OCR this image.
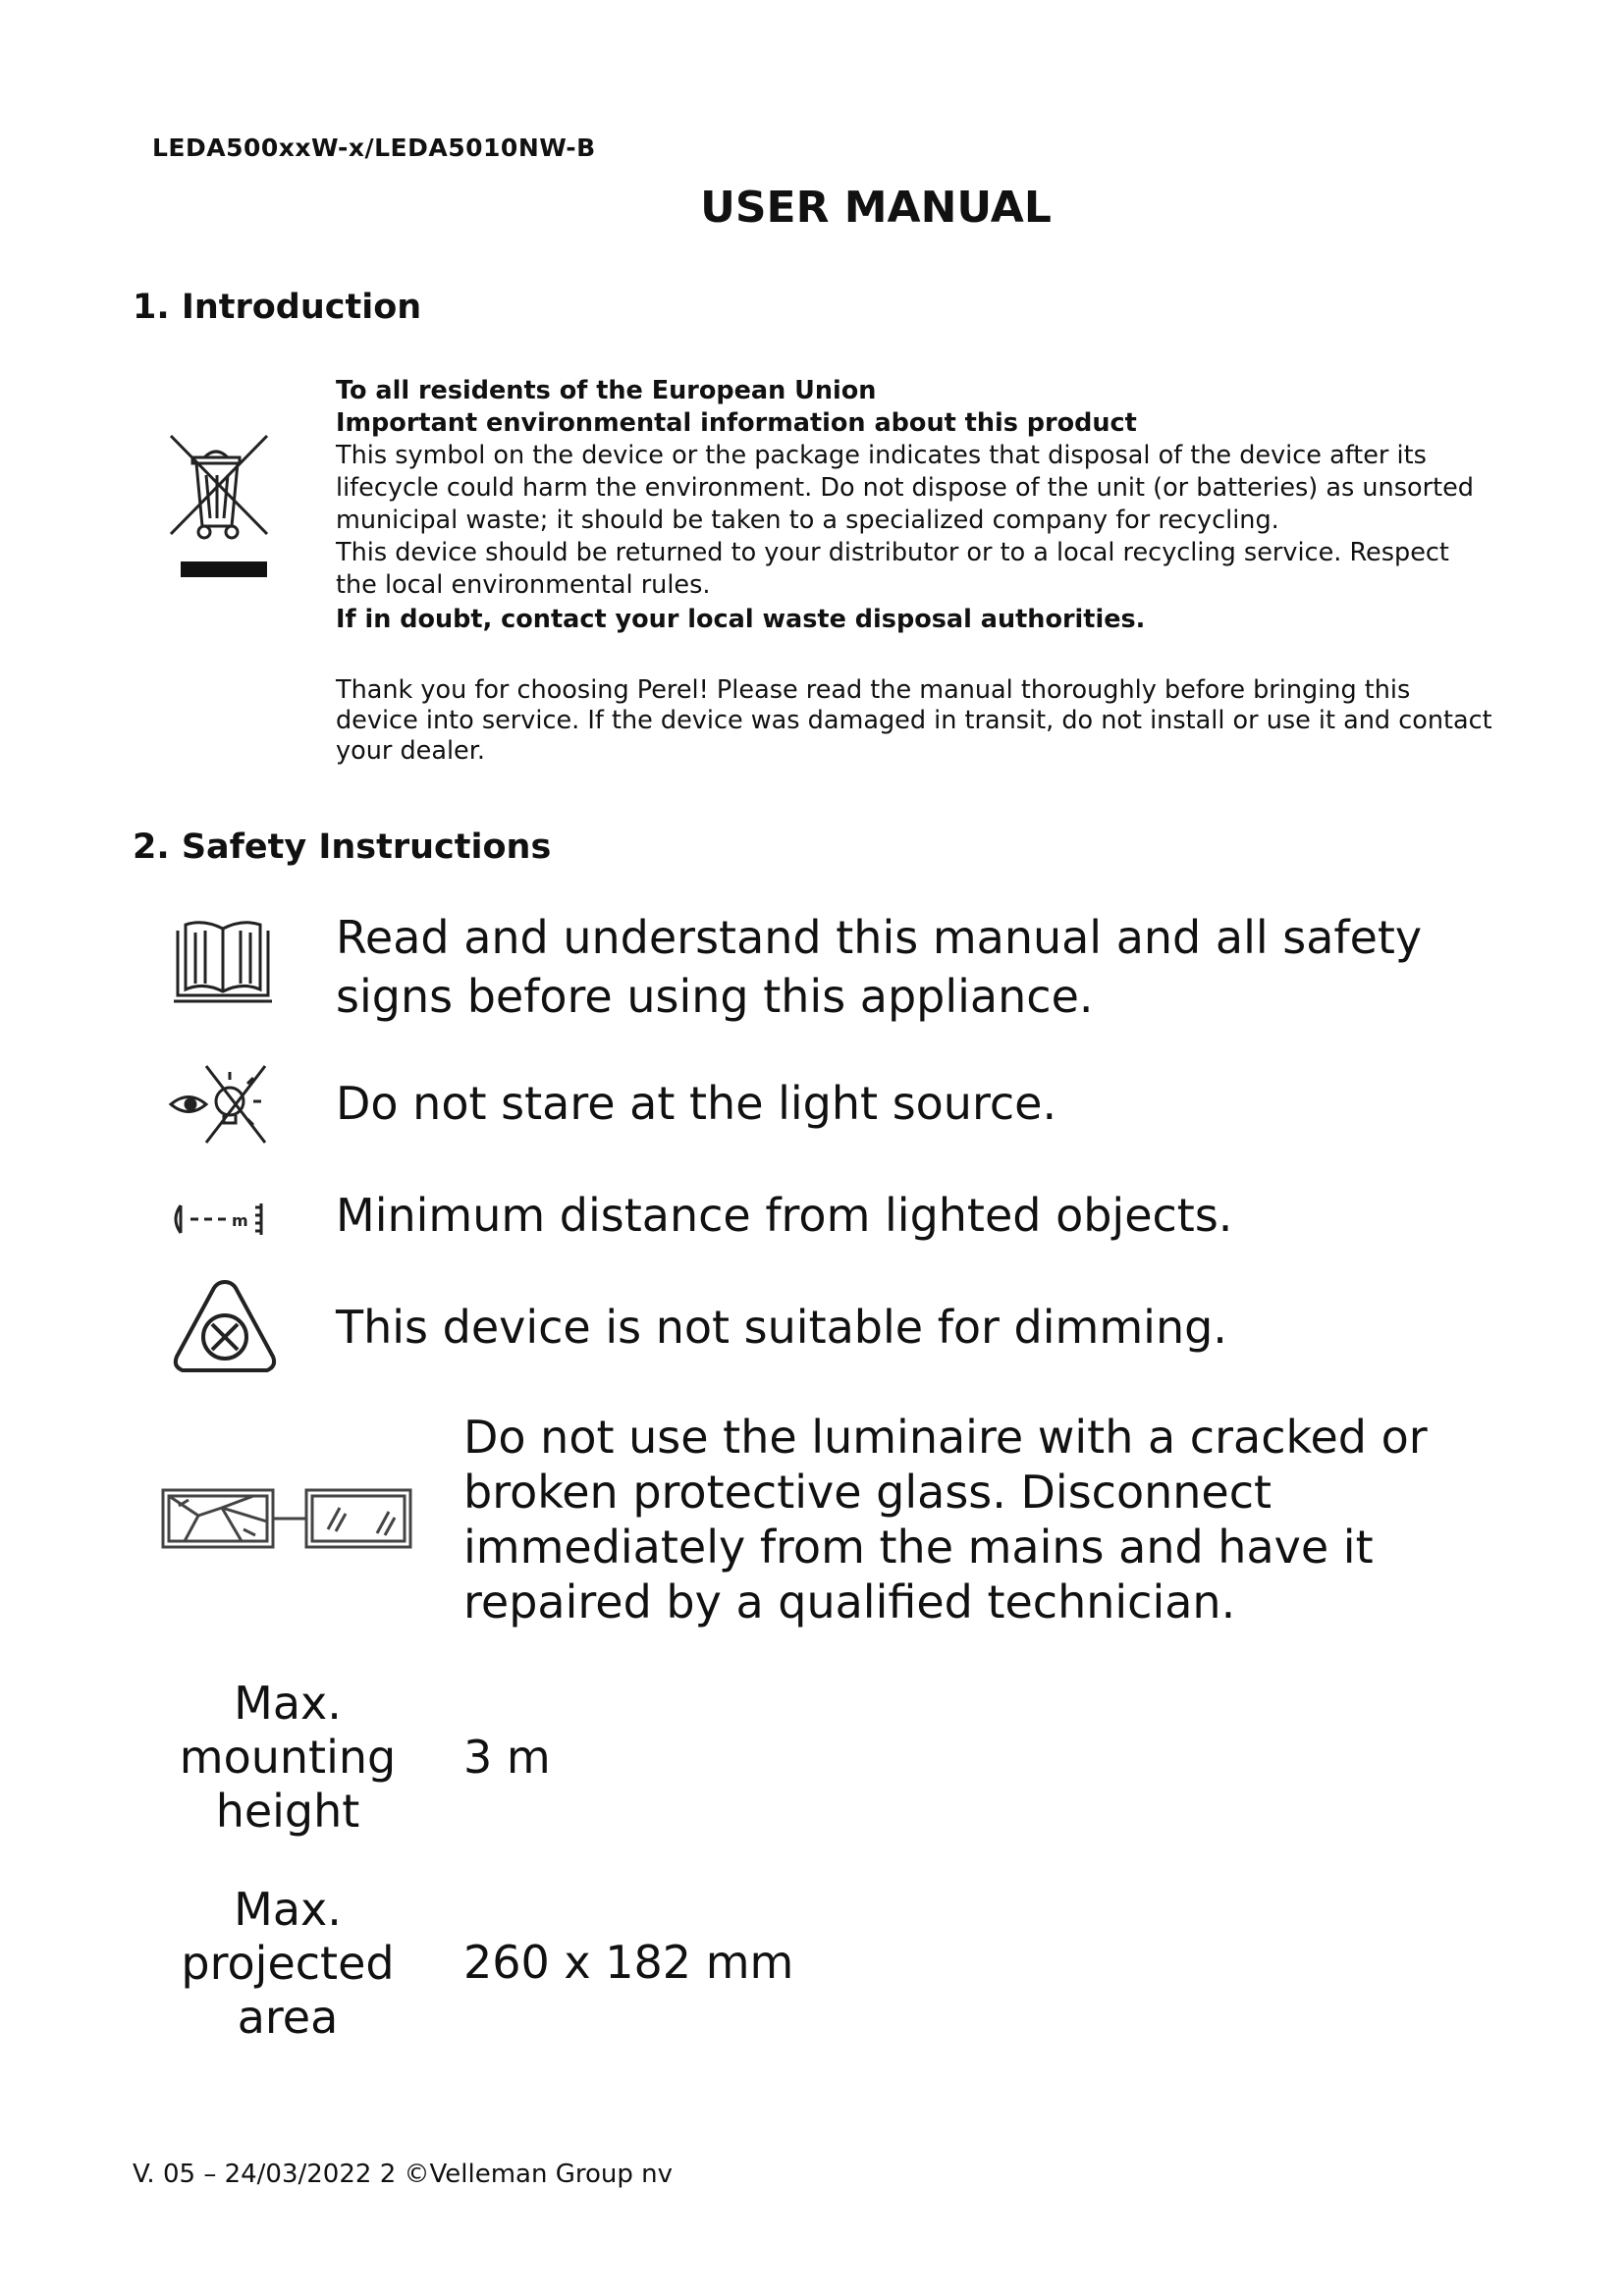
LEDA500xxW-x/LEDA5010NW-B
USER MANUAL
1. Introduction

To all residents of the European Union

Important environmental information about this product

This symbol on the device or the package indicates that disposal of the device after its lifecycle could harm the environment. Do not dispose of the unit (or batteries) as unsorted municipal waste; it should be taken to a specialized company for recycling.

This device should be returned to your distributor or to a local recycling service. Respect the local environmental rules.

If in doubt, contact your local waste disposal authorities.

Thank you for choosing Perel! Please read the manual thoroughly before bringing this device into service. If the device was damaged in transit, do not install or use it and contact your dealer.

2. Safety Instructions
Read and understand this manual and all safety signs before using this appliance.
Do not stare at the light source.
m Minimum distance from lighted objects.
This device is not suitable for dimming.
Do not use the luminaire with a cracked or broken protective glass. Disconnect immediately from the mains and have it repaired by a qualified technician.
Max. mounting height
3 m
Max. projected area
260 x 182 mm
V. 05 – 24/03/2022 2 ©Velleman Group nv
